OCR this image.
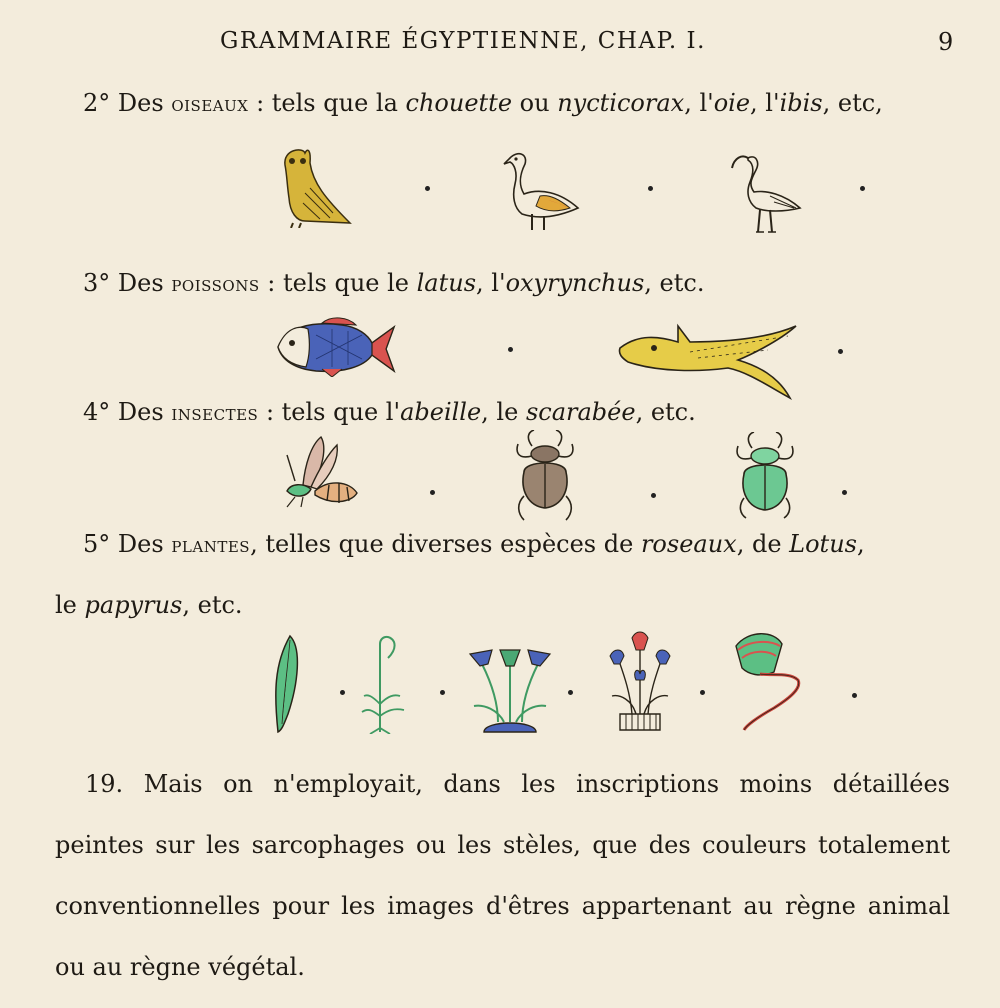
GRAMMAIRE ÉGYPTIENNE, CHAP. I.	9
2° Des oiseaux : tels que la chouette ou nycticorax, l'oie, l'ibis, etc,
3° Des poissons : tels que le latus, l'oxyrynchus, etc.
4° Des insectes : tels que l'abeille, le scarabée, etc.
5° Des plantes, telles que diverses espèces de roseaux, de Lotus,
le papyrus, etc.
19. Mais on n'employait, dans les inscriptions moins détaillées
peintes sur les sarcophages ou les stèles, que des couleurs totalement
conventionnelles pour les images d'êtres appartenant au règne animal
ou au règne végétal.
